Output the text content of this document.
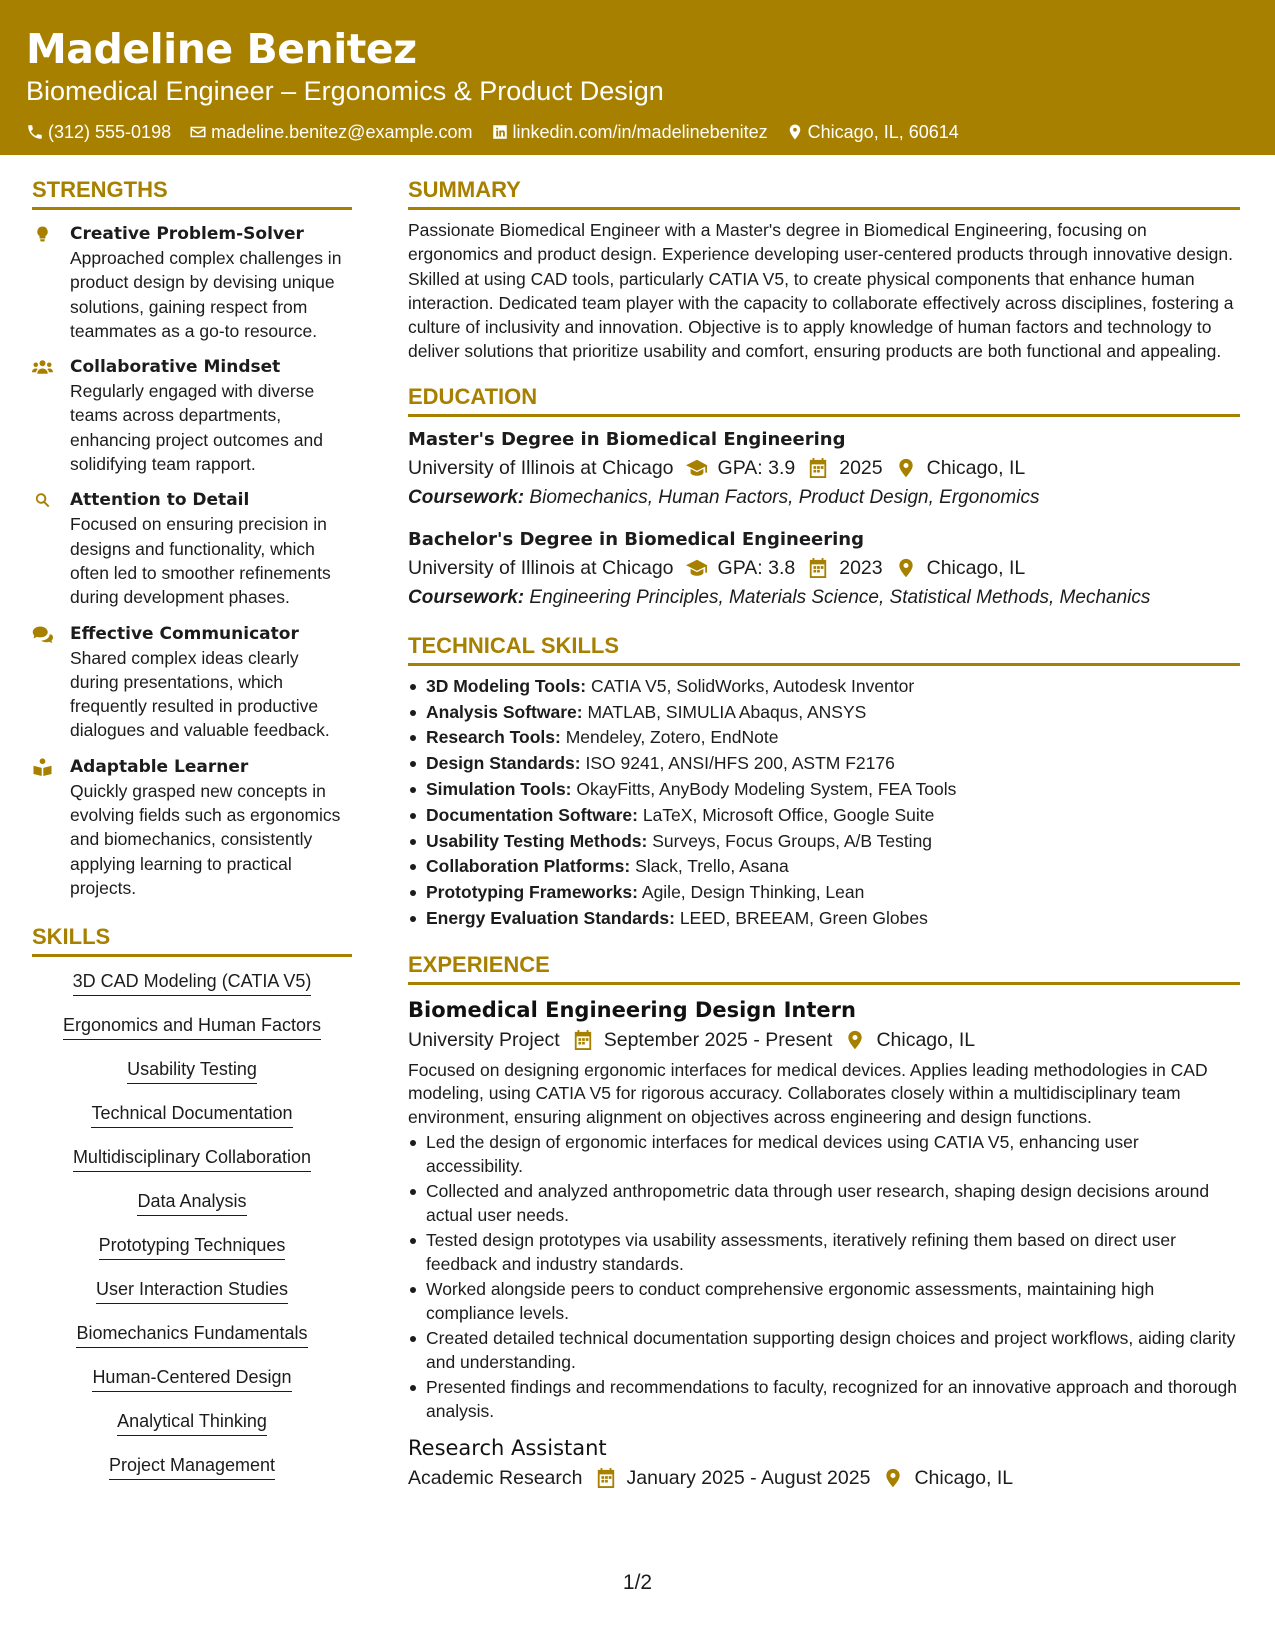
Madeline Benitez
Biomedical Engineer – Ergonomics & Product Design
(312) 555-0198 madeline.benitez@example.com linkedin.com/in/madelinebenitez Chicago, IL, 60614
STRENGTHS
Creative Problem-Solver
Approached complex challenges in product design by devising unique solutions, gaining respect from teammates as a go-to resource.
Collaborative Mindset
Regularly engaged with diverse teams across departments, enhancing project outcomes and solidifying team rapport.
Attention to Detail
Focused on ensuring precision in designs and functionality, which often led to smoother refinements during development phases.
Effective Communicator
Shared complex ideas clearly during presentations, which frequently resulted in productive dialogues and valuable feedback.
Adaptable Learner
Quickly grasped new concepts in evolving fields such as ergonomics and biomechanics, consistently applying learning to practical projects.
SKILLS
3D CAD Modeling (CATIA V5)
Ergonomics and Human Factors
Usability Testing
Technical Documentation
Multidisciplinary Collaboration
Data Analysis
Prototyping Techniques
User Interaction Studies
Biomechanics Fundamentals
Human-Centered Design
Analytical Thinking
Project Management
SUMMARY
Passionate Biomedical Engineer with a Master's degree in Biomedical Engineering, focusing on ergonomics and product design. Experience developing user-centered products through innovative design. Skilled at using CAD tools, particularly CATIA V5, to create physical components that enhance human interaction. Dedicated team player with the capacity to collaborate effectively across disciplines, fostering a culture of inclusivity and innovation. Objective is to apply knowledge of human factors and technology to deliver solutions that prioritize usability and comfort, ensuring products are both functional and appealing.
EDUCATION
Master's Degree in Biomedical Engineering
University of Illinois at Chicago GPA: 3.9 2025 Chicago, IL
Coursework: Biomechanics, Human Factors, Product Design, Ergonomics
Bachelor's Degree in Biomedical Engineering
University of Illinois at Chicago GPA: 3.8 2023 Chicago, IL
Coursework: Engineering Principles, Materials Science, Statistical Methods, Mechanics
TECHNICAL SKILLS
3D Modeling Tools: CATIA V5, SolidWorks, Autodesk Inventor
Analysis Software: MATLAB, SIMULIA Abaqus, ANSYS
Research Tools: Mendeley, Zotero, EndNote
Design Standards: ISO 9241, ANSI/HFS 200, ASTM F2176
Simulation Tools: OkayFitts, AnyBody Modeling System, FEA Tools
Documentation Software: LaTeX, Microsoft Office, Google Suite
Usability Testing Methods: Surveys, Focus Groups, A/B Testing
Collaboration Platforms: Slack, Trello, Asana
Prototyping Frameworks: Agile, Design Thinking, Lean
Energy Evaluation Standards: LEED, BREEAM, Green Globes
EXPERIENCE
Biomedical Engineering Design Intern
University Project September 2025 - Present Chicago, IL
Focused on designing ergonomic interfaces for medical devices. Applies leading methodologies in CAD modeling, using CATIA V5 for rigorous accuracy. Collaborates closely within a multidisciplinary team environment, ensuring alignment on objectives across engineering and design functions.
Led the design of ergonomic interfaces for medical devices using CATIA V5, enhancing user accessibility.
Collected and analyzed anthropometric data through user research, shaping design decisions around actual user needs.
Tested design prototypes via usability assessments, iteratively refining them based on direct user feedback and industry standards.
Worked alongside peers to conduct comprehensive ergonomic assessments, maintaining high compliance levels.
Created detailed technical documentation supporting design choices and project workflows, aiding clarity and understanding.
Presented findings and recommendations to faculty, recognized for an innovative approach and thorough analysis.
Research Assistant
Academic Research January 2025 - August 2025 Chicago, IL
1/2
